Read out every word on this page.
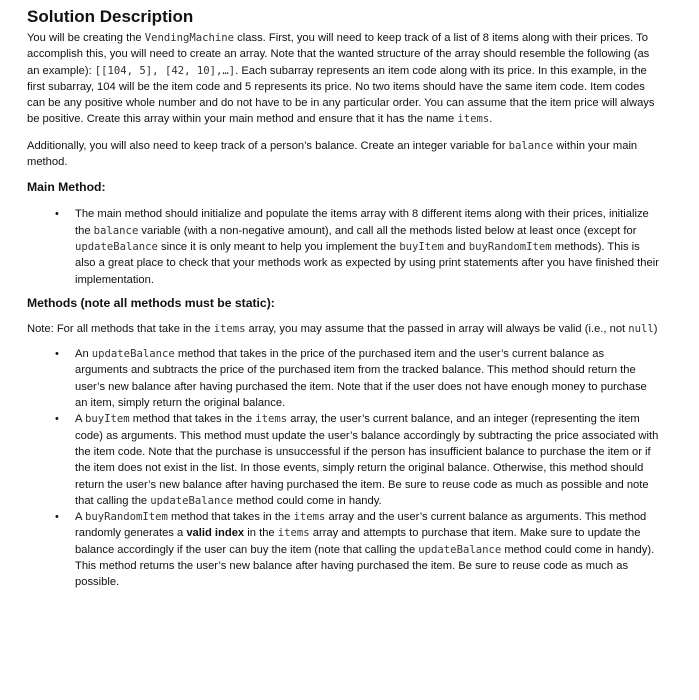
Solution Description

You will be creating the VendingMachine class. First, you will need to keep track of a list of 8 items along with their prices. To accomplish this, you will need to create an array. Note that the wanted structure of the array should resemble the following (as an example): [[104, 5], [42, 10],…]. Each subarray represents an item code along with its price. In this example, in the first subarray, 104 will be the item code and 5 represents its price. No two items should have the same item code. Item codes can be any positive whole number and do not have to be in any particular order. You can assume that the item price will always be positive. Create this array within your main method and ensure that it has the name items.

Additionally, you will also need to keep track of a person’s balance. Create an integer variable for balance within your main method.

Main Method:
• The main method should initialize and populate the items array with 8 different items along with their prices, initialize the balance variable (with a non-negative amount), and call all the methods listed below at least once (except for updateBalance since it is only meant to help you implement the buyItem and buyRandomItem methods). This is also a great place to check that your methods work as expected by using print statements after you have finished their implementation.
Methods (note all methods must be static):

Note: For all methods that take in the items array, you may assume that the passed in array will always be valid (i.e., not null)

• An updateBalance method that takes in the price of the purchased item and the user’s current balance as arguments and subtracts the price of the purchased item from the tracked balance. This method should return the user’s new balance after having purchased the item. Note that if the user does not have enough money to purchase an item, simply return the original balance.
• A buyItem method that takes in the items array, the user’s current balance, and an integer (representing the item code) as arguments. This method must update the user’s balance accordingly by subtracting the price associated with the item code. Note that the purchase is unsuccessful if the person has insufficient balance to purchase the item or if the item does not exist in the list. In those events, simply return the original balance. Otherwise, this method should return the user’s new balance after having purchased the item. Be sure to reuse code as much as possible and note that calling the updateBalance method could come in handy.
• A buyRandomItem method that takes in the items array and the user’s current balance as arguments. This method randomly generates a valid index in the items array and attempts to purchase that item. Make sure to update the balance accordingly if the user can buy the item (note that calling the updateBalance method could come in handy). This method returns the user’s new balance after having purchased the item. Be sure to reuse code as much as possible.
